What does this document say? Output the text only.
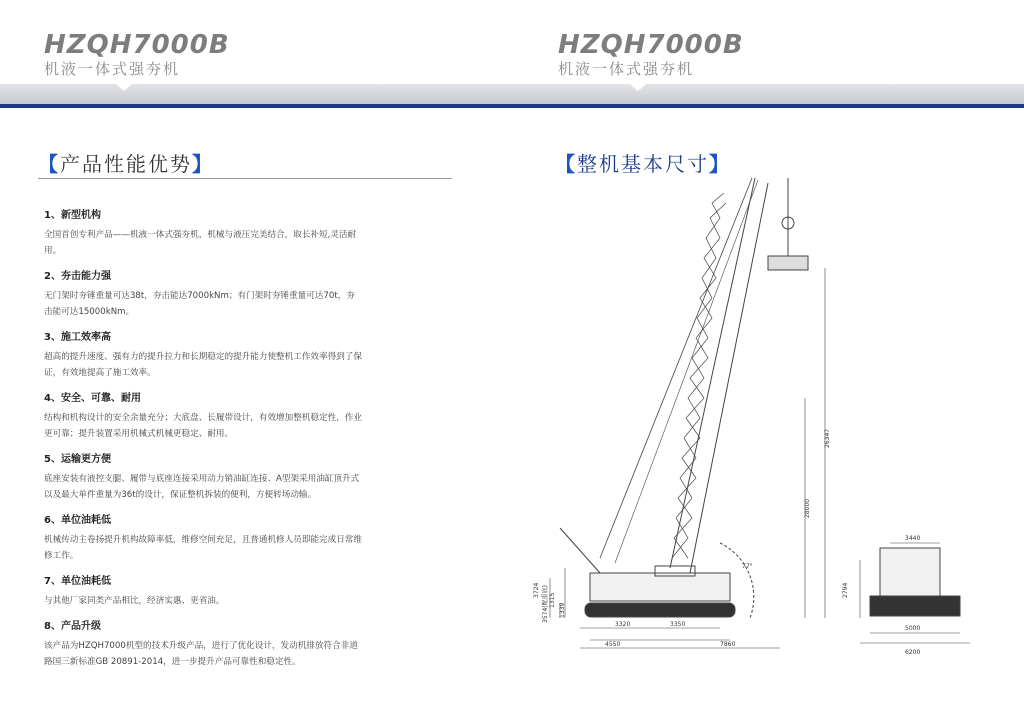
HZQH7000B
机液一体式强夯机
HZQH7000B
机液一体式强夯机
【产品性能优势】
1、新型机构

全国首创专利产品——机液一体式强夯机，机械与液压完美结合，取长补短,灵活耐用。

2、夯击能力强

无门架时夯锤重量可达38t，夯击能达7000kNm；有门架时夯锤重量可达70t，夯击能可达15000kNm。

3、施工效率高

超高的提升速度、强有力的提升拉力和长期稳定的提升能力使整机工作效率得到了保证，有效地提高了施工效率。

4、安全、可靠、耐用

结构和机构设计的安全余量充分；大底盘、长履带设计，有效增加整机稳定性，作业更可靠；提升装置采用机械式机械更稳定、耐用。

5、运输更方便

底座安装有液控支腿、履带与底座连接采用动力销油缸连接、A型架采用油缸顶升式以及最大单件重量为36t的设计，保证整机拆装的便利，方便转场动输。

6、单位油耗低

机械传动主卷扬提升机构故障率低，维修空间充足，且普通机修人员即能完成日常维修工作。

7、单位油耗低

与其他厂家同类产品相比，经济实惠、更省油。

8、产品升级

该产品为HZQH7000机型的技术升级产品，进行了优化设计，发动机排放符合非道路国三新标准GB 20891-2014，进一步提升产品可靠性和稳定性。

【整机基本尺寸】
26347
28000
77°
3724
1315
3574(配重底) 1339
3320	3350
4550	7860
3440
2794
5000
6200
